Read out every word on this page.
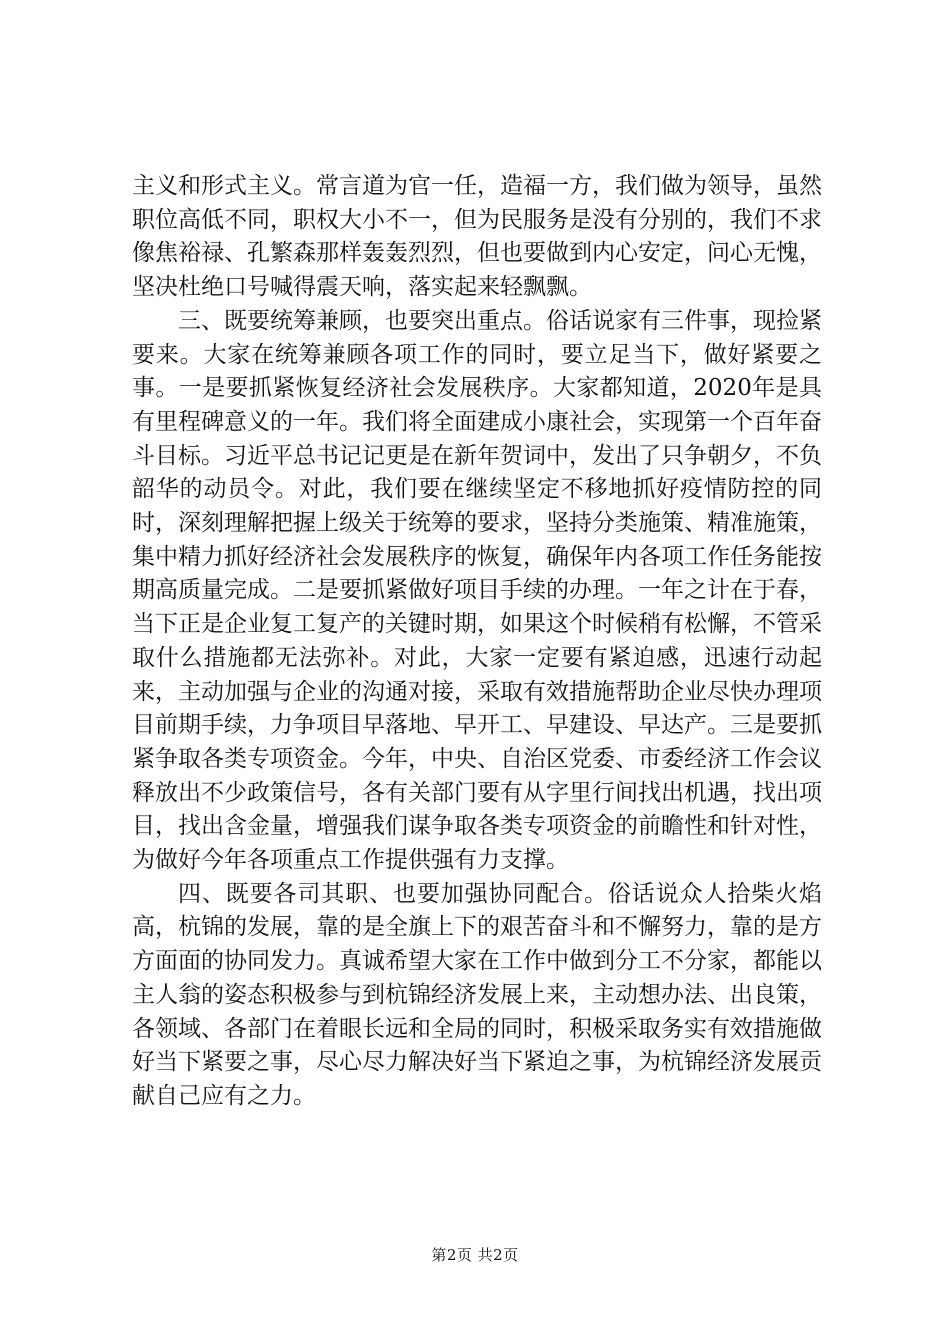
主义和形式主义。常言道为官一任，造福一方，我们做为领导，虽然职位高低不同，职权大小不一，但为民服务是没有分别的，我们不求像焦裕禄、孔繁森那样轰轰烈烈，但也要做到内心安定，问心无愧，坚决杜绝口号喊得震天响，落实起来轻飘飘。

三、既要统筹兼顾，也要突出重点。俗话说家有三件事，现捡紧要来。大家在统筹兼顾各项工作的同时，要立足当下，做好紧要之事。一是要抓紧恢复经济社会发展秩序。大家都知道，2020年是具有里程碑意义的一年。我们将全面建成小康社会，实现第一个百年奋斗目标。习近平总书记记更是在新年贺词中，发出了只争朝夕，不负韶华的动员令。对此，我们要在继续坚定不移地抓好疫情防控的同时，深刻理解把握上级关于统筹的要求，坚持分类施策、精准施策，集中精力抓好经济社会发展秩序的恢复，确保年内各项工作任务能按期高质量完成。二是要抓紧做好项目手续的办理。一年之计在于春，当下正是企业复工复产的关键时期，如果这个时候稍有松懈，不管采取什么措施都无法弥补。对此，大家一定要有紧迫感，迅速行动起来，主动加强与企业的沟通对接，采取有效措施帮助企业尽快办理项目前期手续，力争项目早落地、早开工、早建设、早达产。三是要抓紧争取各类专项资金。今年，中央、自治区党委、市委经济工作会议释放出不少政策信号，各有关部门要有从字里行间找出机遇，找出项目，找出含金量，增强我们谋争取各类专项资金的前瞻性和针对性，为做好今年各项重点工作提供强有力支撑。

四、既要各司其职、也要加强协同配合。俗话说众人拾柴火焰高，杭锦的发展，靠的是全旗上下的艰苦奋斗和不懈努力，靠的是方方面面的协同发力。真诚希望大家在工作中做到分工不分家，都能以主人翁的姿态积极参与到杭锦经济发展上来，主动想办法、出良策，各领域、各部门在着眼长远和全局的同时，积极采取务实有效措施做好当下紧要之事，尽心尽力解决好当下紧迫之事，为杭锦经济发展贡献自己应有之力。

第2页 共2页
